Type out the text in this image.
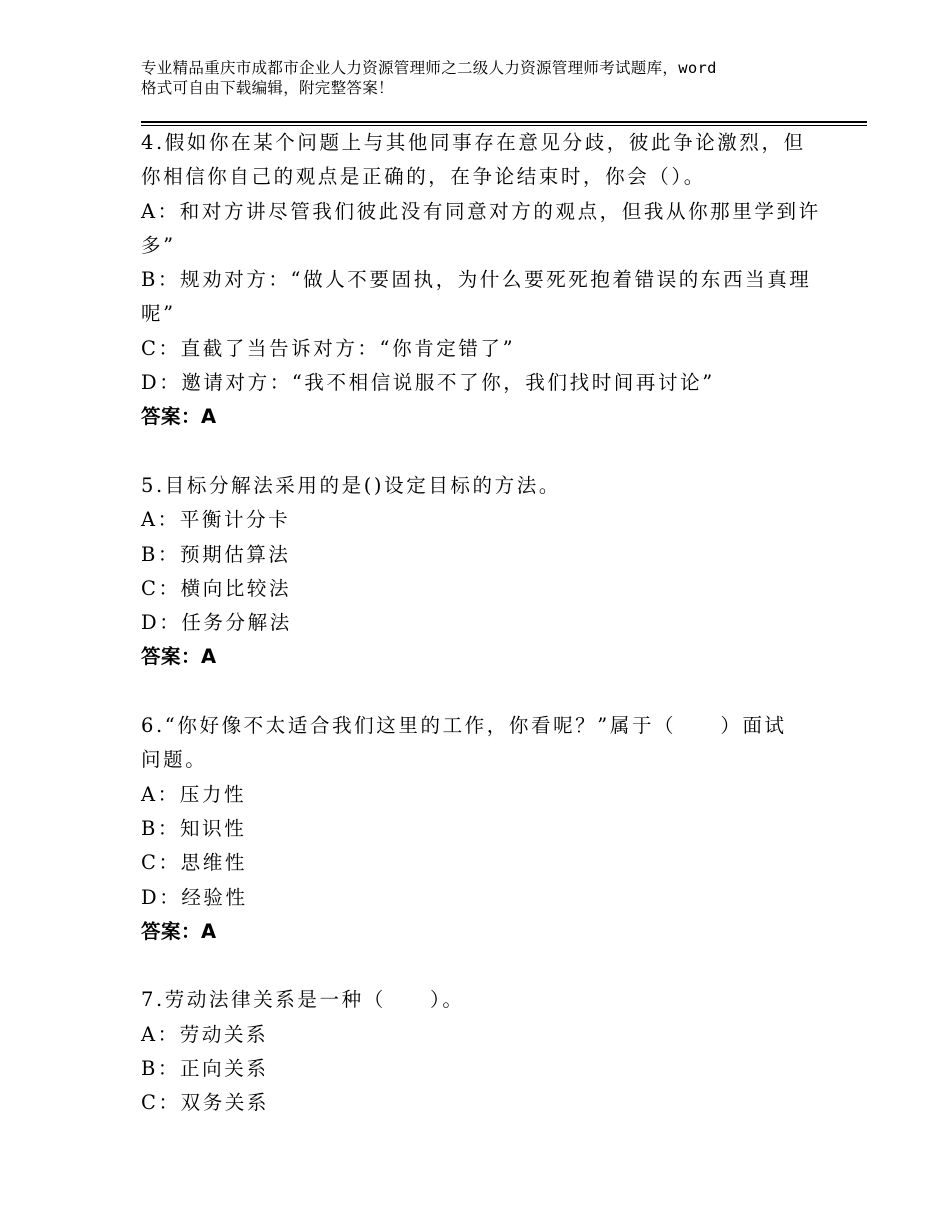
专业精品重庆市成都市企业人力资源管理师之二级人力资源管理师考试题库，word
格式可自由下载编辑，附完整答案！
4.假如你在某个问题上与其他同事存在意见分歧，彼此争论激烈，但
你相信你自己的观点是正确的，在争论结束时，你会（）。
A：和对方讲尽管我们彼此没有同意对方的观点，但我从你那里学到许
多”
B：规劝对方：“做人不要固执，为什么要死死抱着错误的东西当真理
呢”
C：直截了当告诉对方：“你肯定错了”
D：邀请对方：“我不相信说服不了你，我们找时间再讨论”
答案：A
5.目标分解法采用的是()设定目标的方法。
A：平衡计分卡
B：预期估算法
C：横向比较法
D：任务分解法
答案：A
6.“你好像不太适合我们这里的工作，你看呢？”属于（　　）面试
问题。
A：压力性
B：知识性
C：思维性
D：经验性
答案：A
7.劳动法律关系是一种（　　）。
A：劳动关系
B：正向关系
C：双务关系
